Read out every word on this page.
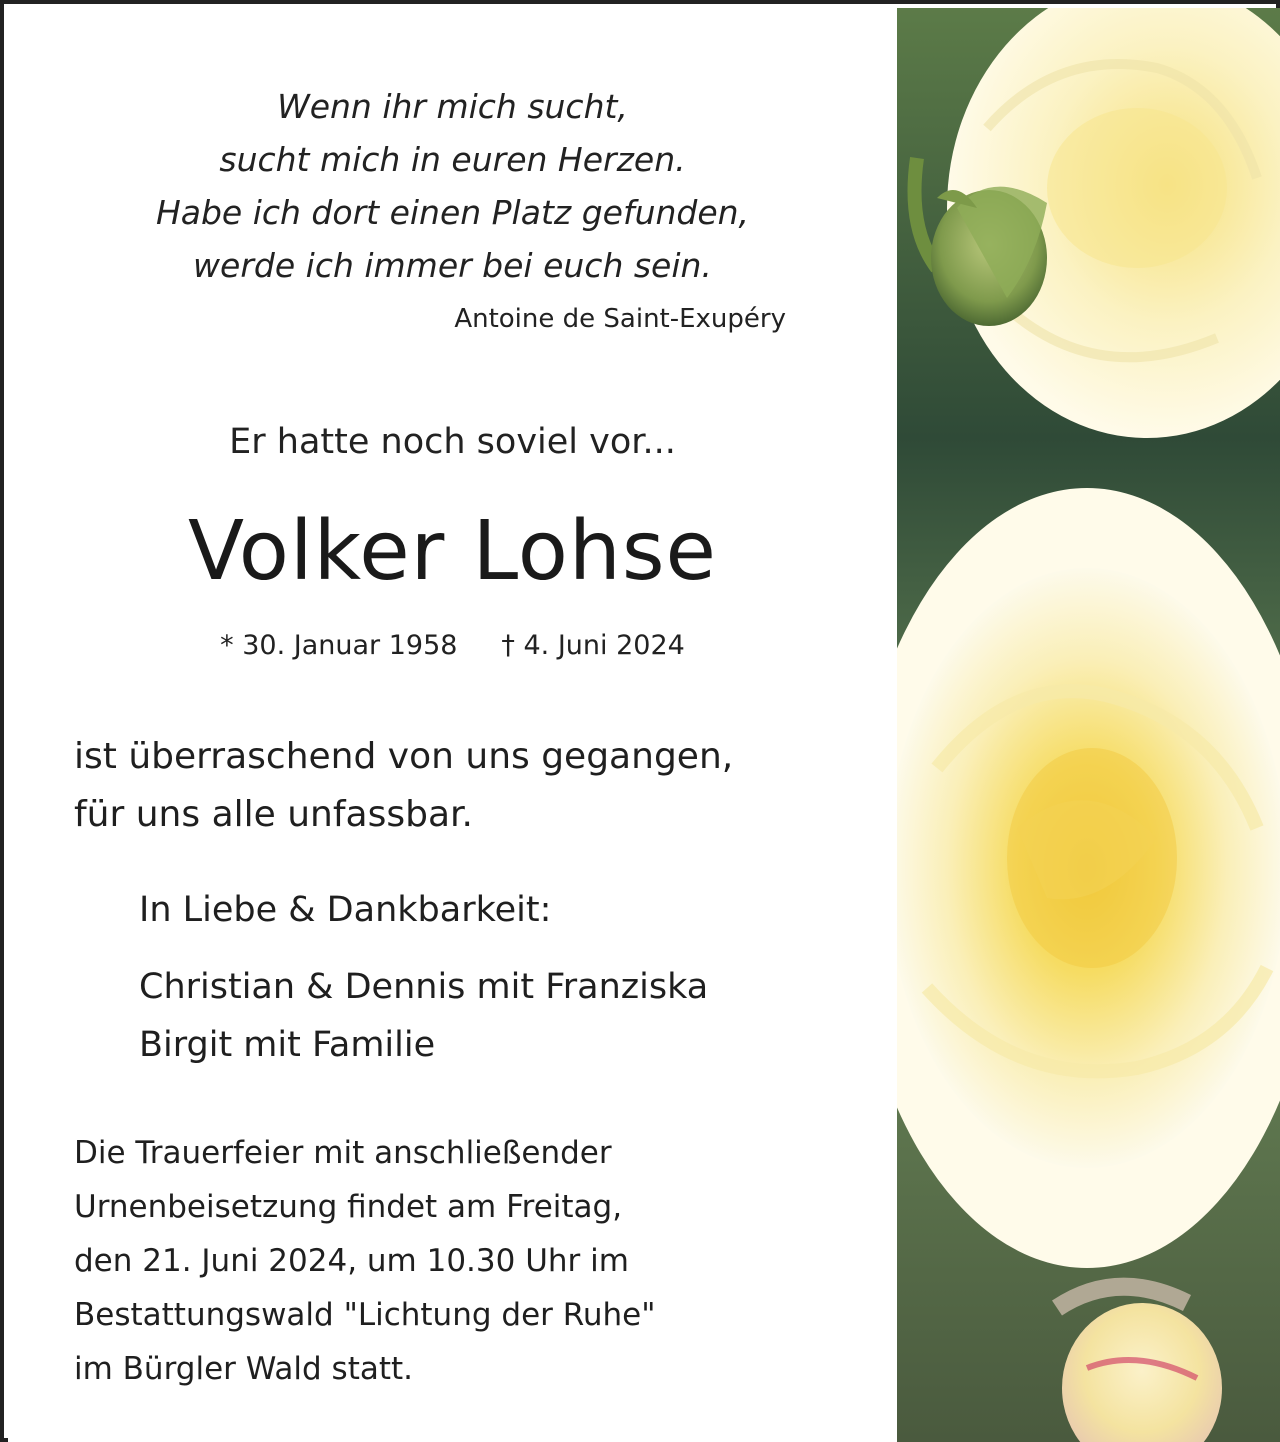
Wenn ihr mich sucht,
sucht mich in euren Herzen.
Habe ich dort einen Platz gefunden,
werde ich immer bei euch sein.
Antoine de Saint-Exupéry
Er hatte noch soviel vor...
Volker Lohse
* 30. Januar 1958 † 4. Juni 2024
ist überraschend von uns gegangen,
für uns alle unfassbar.
In Liebe & Dankbarkeit:
Christian & Dennis mit Franziska
Birgit mit Familie
Die Trauerfeier mit anschließender
Urnenbeisetzung findet am Freitag,
den 21. Juni 2024, um 10.30 Uhr im
Bestattungswald "Lichtung der Ruhe"
im Bürgler Wald statt.
